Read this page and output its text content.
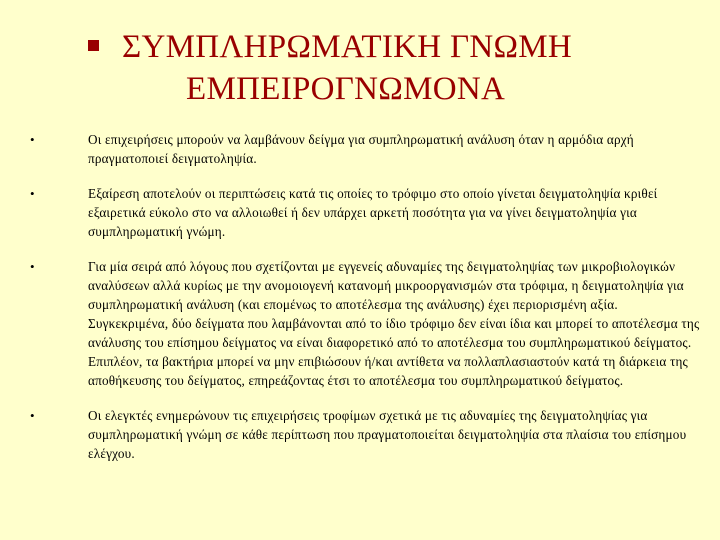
ΣΥΜΠΛΗΡΩΜΑΤΙΚΗ ΓΝΩΜΗ
ΕΜΠΕΙΡΟΓΝΩΜΟΝΑ
•	Οι επιχειρήσεις μπορούν να λαμβάνουν δείγμα για συμπληρωματική ανάλυση όταν η αρμόδια αρχή πραγματοποιεί δειγματοληψία.
•	Εξαίρεση αποτελούν οι περιπτώσεις κατά τις οποίες το τρόφιμο στο οποίο γίνεται δειγματοληψία κριθεί εξαιρετικά εύκολο στο να αλλοιωθεί ή δεν υπάρχει αρκετή ποσότητα για να γίνει δειγματοληψία για συμπληρωματική γνώμη.
•	Για μία σειρά από λόγους που σχετίζονται με εγγενείς αδυναμίες της δειγματοληψίας των μικροβιολογικών αναλύσεων αλλά κυρίως με την ανομοιογενή κατανομή μικροοργανισμών στα τρόφιμα, η δειγματοληψία για συμπληρωματική ανάλυση (και επομένως το αποτέλεσμα της ανάλυσης) έχει περιορισμένη αξία. Συγκεκριμένα, δύο δείγματα που λαμβάνονται από το ίδιο τρόφιμο δεν είναι ίδια και μπορεί το αποτέλεσμα της ανάλυσης του επίσημου δείγματος να είναι διαφορετικό από το αποτέλεσμα του συμπληρωματικού δείγματος. Επιπλέον, τα βακτήρια μπορεί να μην επιβιώσουν ή/και αντίθετα να πολλαπλασιαστούν κατά τη διάρκεια της αποθήκευσης του δείγματος, επηρεάζοντας έτσι το αποτέλεσμα του συμπληρωματικού δείγματος.
•	Οι ελεγκτές ενημερώνουν τις επιχειρήσεις τροφίμων σχετικά με τις αδυναμίες της δειγματοληψίας για συμπληρωματική γνώμη σε κάθε περίπτωση που πραγματοποιείται δειγματοληψία στα πλαίσια του επίσημου ελέγχου.
